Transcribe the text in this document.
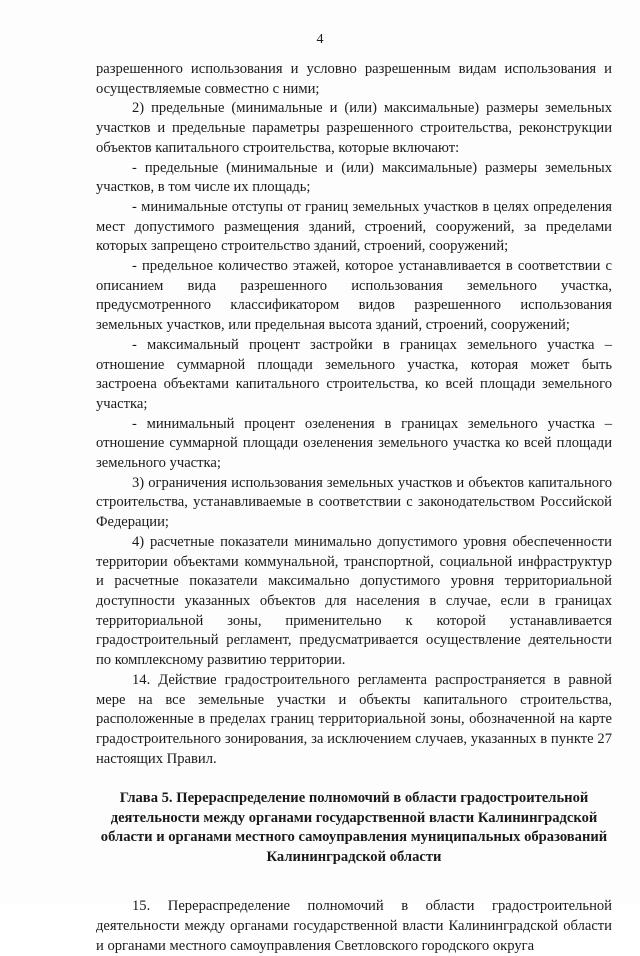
4

разрешенного использования и условно разрешенным видам использования и осуществляемые совместно с ними;

2) предельные (минимальные и (или) максимальные) размеры земельных участков и предельные параметры разрешенного строительства, реконструкции объектов капитального строительства, которые включают:

- предельные (минимальные и (или) максимальные) размеры земельных участков, в том числе их площадь;

- минимальные отступы от границ земельных участков в целях определения мест допустимого размещения зданий, строений, сооружений, за пределами которых запрещено строительство зданий, строений, сооружений;

- предельное количество этажей, которое устанавливается в соответствии с описанием вида разрешенного использования земельного участка, предусмотренного классификатором видов разрешенного использования земельных участков, или предельная высота зданий, строений, сооружений;

- максимальный процент застройки в границах земельного участка – отношение суммарной площади земельного участка, которая может быть застроена объектами капитального строительства, ко всей площади земельного участка;

- минимальный процент озеленения в границах земельного участка – отношение суммарной площади озеленения земельного участка ко всей площади земельного участка;

3) ограничения использования земельных участков и объектов капитального строительства, устанавливаемые в соответствии с законодательством Российской Федерации;

4) расчетные показатели минимально допустимого уровня обеспеченности территории объектами коммунальной, транспортной, социальной инфраструктур и расчетные показатели максимально допустимого уровня территориальной доступности указанных объектов для населения в случае, если в границах территориальной зоны, применительно к которой устанавливается градостроительный регламент, предусматривается осуществление деятельности по комплексному развитию территории.

14. Действие градостроительного регламента распространяется в равной мере на все земельные участки и объекты капитального строительства, расположенные в пределах границ территориальной зоны, обозначенной на карте градостроительного зонирования, за исключением случаев, указанных в пункте 27 настоящих Правил.

Глава 5. Перераспределение полномочий в области градостроительной деятельности между органами государственной власти Калининградской области и органами местного самоуправления муниципальных образований Калининградской области

15. Перераспределение полномочий в области градостроительной деятельности между органами государственной власти Калининградской области и органами местного самоуправления Светловского городского округа
